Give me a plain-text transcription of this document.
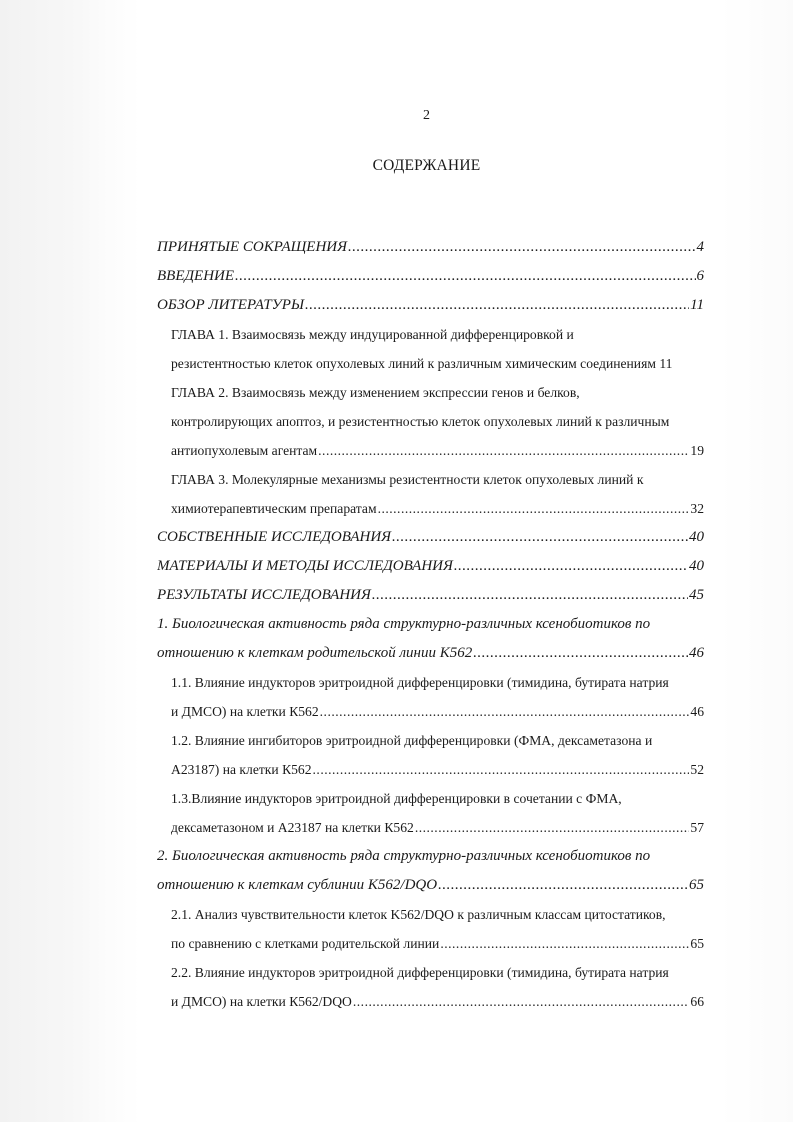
2
СОДЕРЖАНИЕ
ПРИНЯТЫЕ СОКРАЩЕНИЯ .....	4
ВВЕДЕНИЕ .....	6
ОБЗОР ЛИТЕРАТУРЫ .....	11
ГЛАВА 1. Взаимосвязь между индуцированной дифференцировкой и
резистентностью клеток опухолевых линий к различным химическим соединениям 11
ГЛАВА 2. Взаимосвязь между изменением экспрессии генов и белков,
контролирующих апоптоз, и резистентностью клеток опухолевых линий к различным
антиопухолевым агентам .....	19
ГЛАВА 3. Молекулярные механизмы резистентности клеток опухолевых линий к
химиотерапевтическим препаратам .....	32
СОБСТВЕННЫЕ ИССЛЕДОВАНИЯ .....	40
МАТЕРИАЛЫ И МЕТОДЫ ИССЛЕДОВАНИЯ .....	40
РЕЗУЛЬТАТЫ ИССЛЕДОВАНИЯ .....	45
1. Биологическая активность ряда структурно-различных ксенобиотиков по
отношению к клеткам родительской линии К562 .....	46
1.1. Влияние индукторов эритроидной дифференцировки (тимидина, бутирата натрия
и ДМСО) на клетки К562 .....	46
1.2. Влияние ингибиторов эритроидной дифференцировки (ФМА, дексаметазона и
А23187) на клетки К562 .....	52
1.3.Влияние индукторов эритроидной дифференцировки в сочетании с ФМА,
дексаметазоном и А23187 на клетки К562 .....	57
2. Биологическая активность ряда структурно-различных ксенобиотиков по
отношению к клеткам сублинии K562/DQO .....	65
2.1. Анализ чувствительности клеток K562/DQO к различным классам цитостатиков,
по сравнению с клетками родительской линии .....	65
2.2. Влияние индукторов эритроидной дифференцировки (тимидина, бутирата натрия
и ДМСО) на клетки К562/DQO .....	66
